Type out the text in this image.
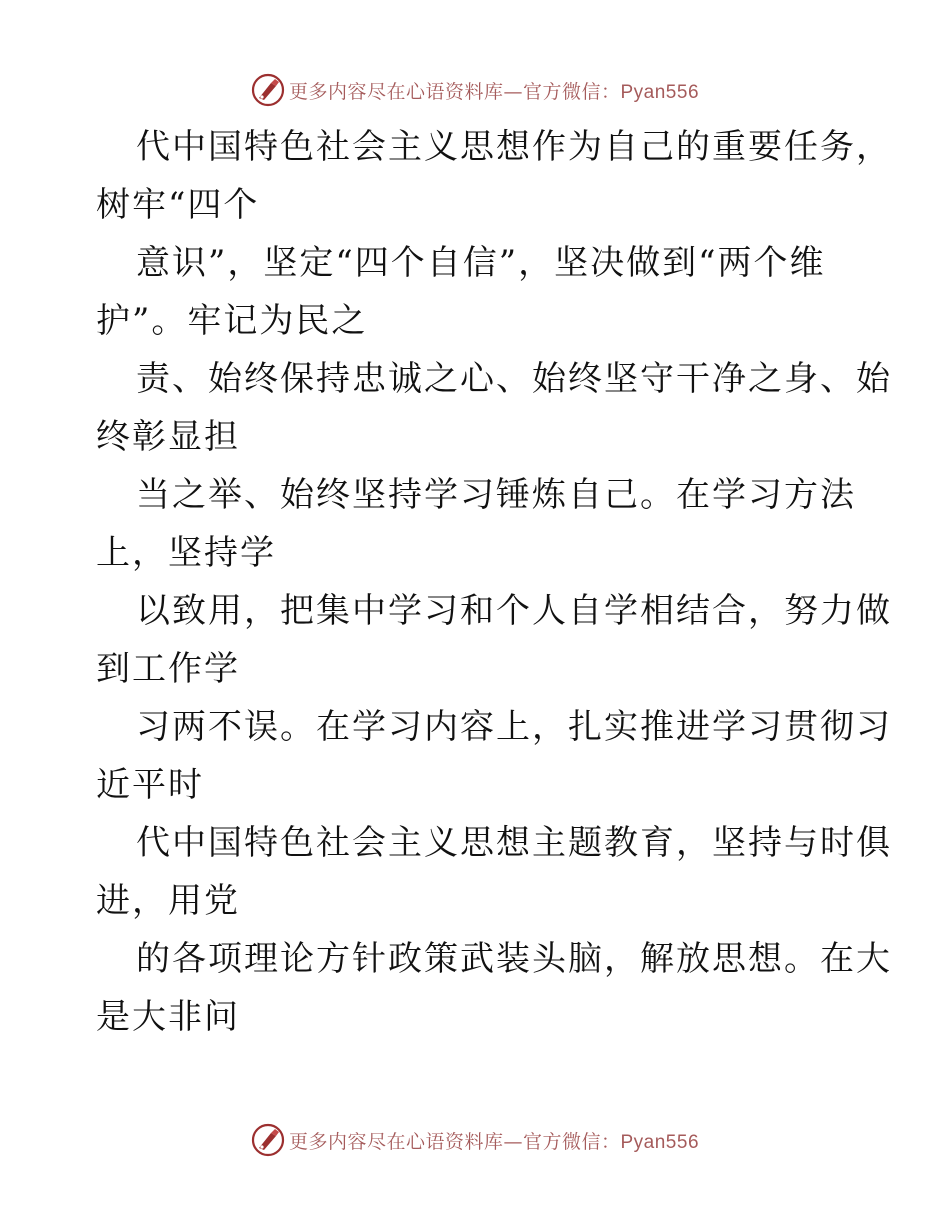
更多内容尽在心语资料库—官方微信：Pyan556

代中国特色社会主义思想作为自己的重要任务，
树牢“四个

意识”，坚定“四个自信”，坚决做到“两个维
护”。牢记为民之

责、始终保持忠诚之心、始终坚守干净之身、始
终彰显担

当之举、始终坚持学习锤炼自己。在学习方法
上，坚持学

以致用，把集中学习和个人自学相结合，努力做
到工作学

习两不误。在学习内容上，扎实推进学习贯彻习
近平时

代中国特色社会主义思想主题教育，坚持与时俱
进，用党

的各项理论方针政策武装头脑，解放思想。在大
是大非问

更多内容尽在心语资料库—官方微信：Pyan556
